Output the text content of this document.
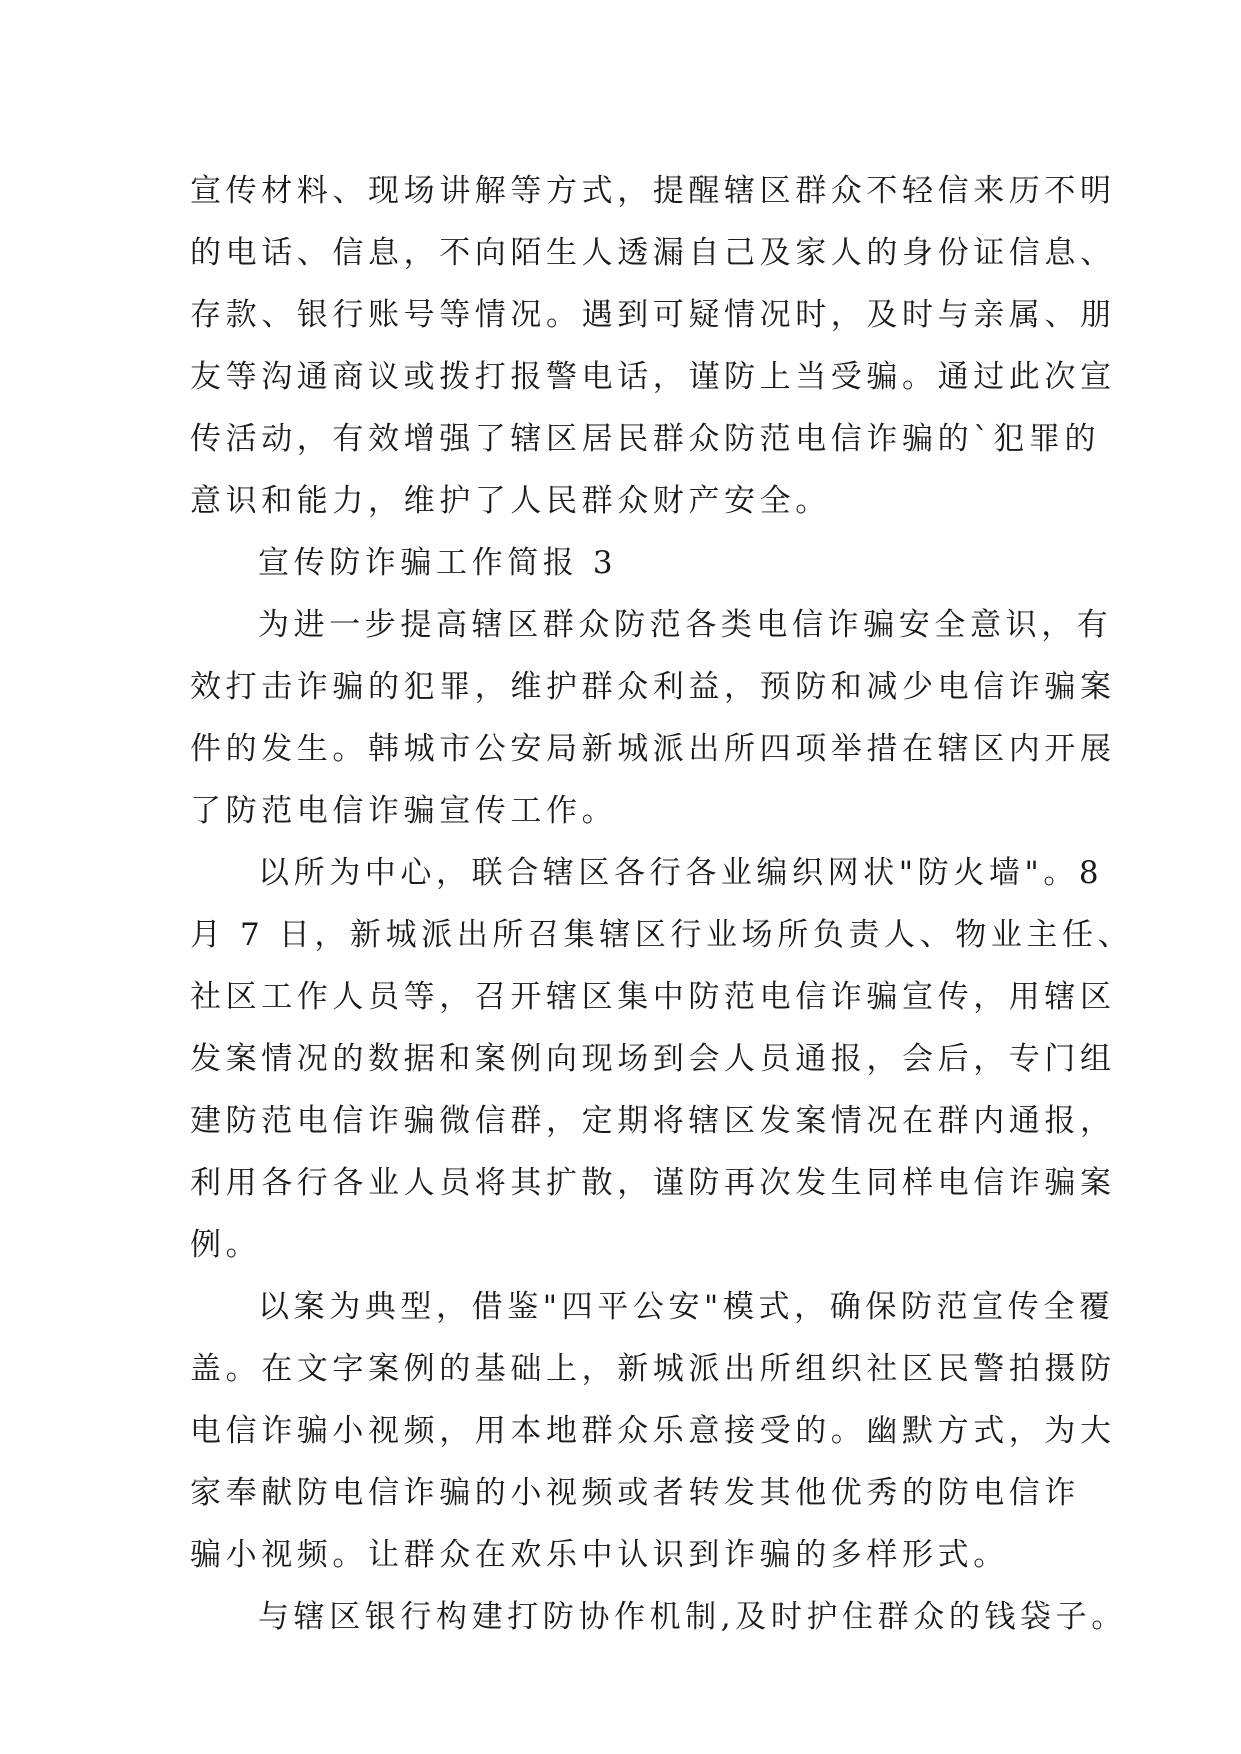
宣传材料、现场讲解等方式，提醒辖区群众不轻信来历不明
的电话、信息，不向陌生人透漏自己及家人的身份证信息、
存款、银行账号等情况。遇到可疑情况时，及时与亲属、朋
友等沟通商议或拨打报警电话，谨防上当受骗。通过此次宣
传活动，有效增强了辖区居民群众防范电信诈骗的`犯罪的
意识和能力，维护了人民群众财产安全。
宣传防诈骗工作简报 3
为进一步提高辖区群众防范各类电信诈骗安全意识，有
效打击诈骗的犯罪，维护群众利益，预防和减少电信诈骗案
件的发生。韩城市公安局新城派出所四项举措在辖区内开展
了防范电信诈骗宣传工作。
以所为中心，联合辖区各行各业编织网状"防火墙"。8
月 7 日，新城派出所召集辖区行业场所负责人、物业主任、
社区工作人员等，召开辖区集中防范电信诈骗宣传，用辖区
发案情况的数据和案例向现场到会人员通报，会后，专门组
建防范电信诈骗微信群，定期将辖区发案情况在群内通报，
利用各行各业人员将其扩散，谨防再次发生同样电信诈骗案
例。
以案为典型，借鉴"四平公安"模式，确保防范宣传全覆
盖。在文字案例的基础上，新城派出所组织社区民警拍摄防
电信诈骗小视频，用本地群众乐意接受的。幽默方式，为大
家奉献防电信诈骗的小视频或者转发其他优秀的防电信诈
骗小视频。让群众在欢乐中认识到诈骗的多样形式。
与辖区银行构建打防协作机制,及时护住群众的钱袋子。
